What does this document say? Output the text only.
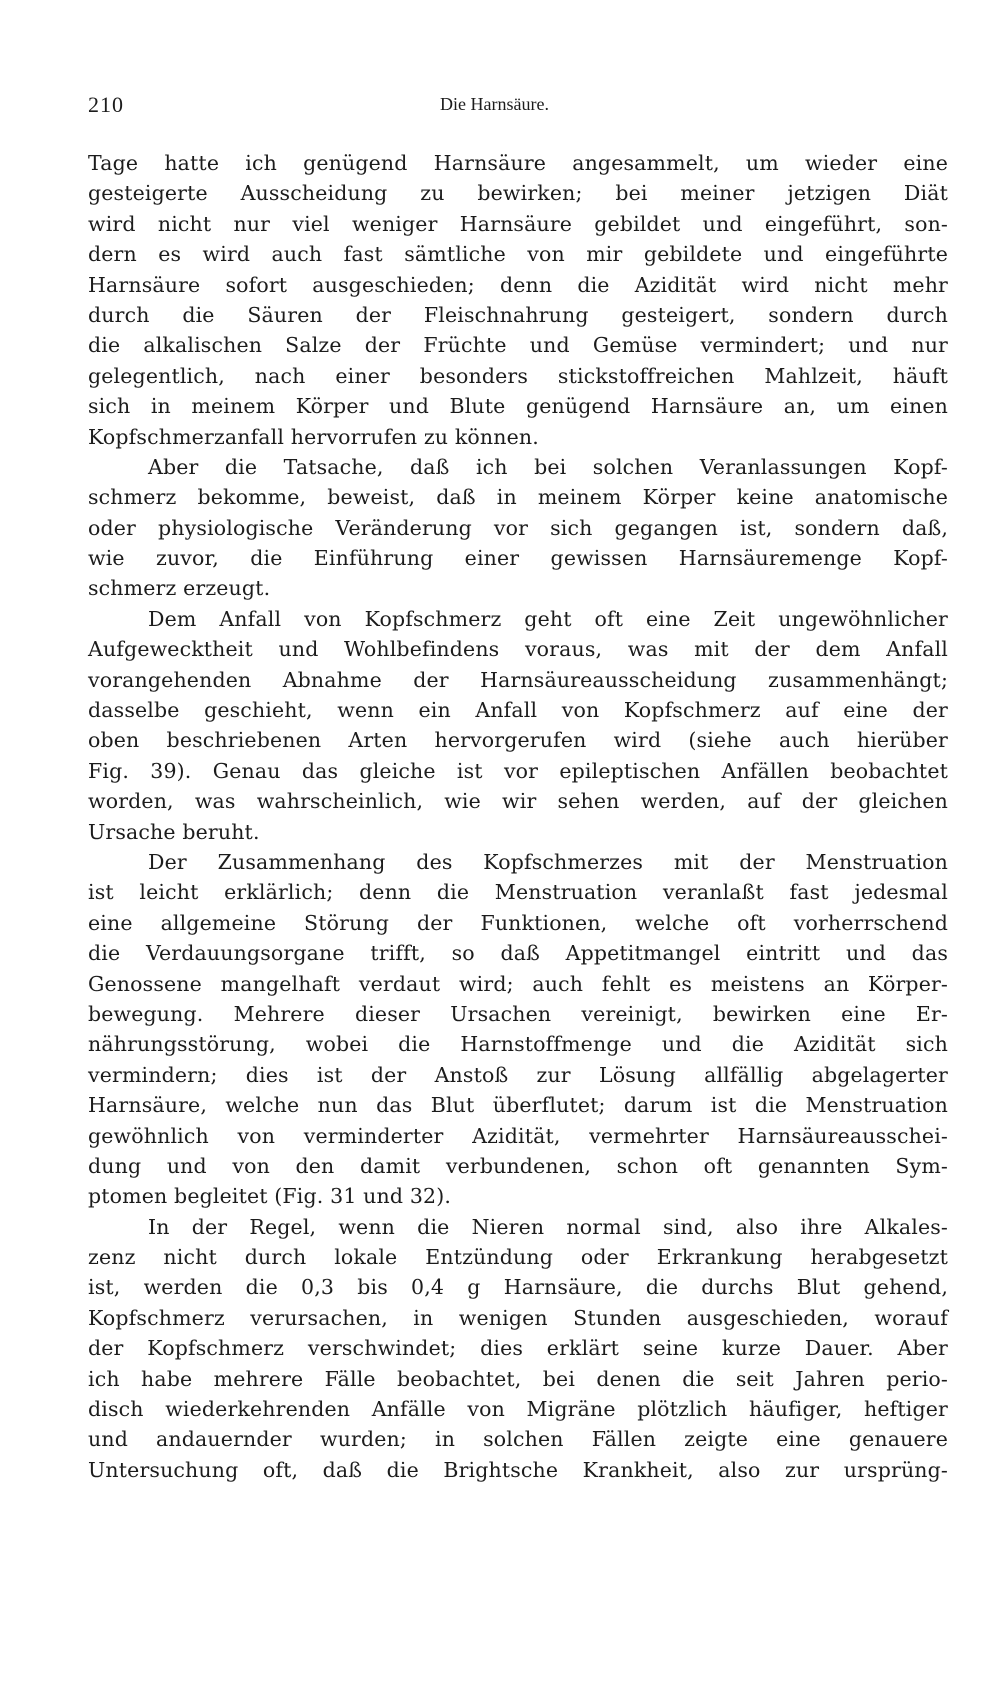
210	Die Harnsäure.
Tage hatte ich genügend Harnsäure angesammelt, um wieder eine
gesteigerte Ausscheidung zu bewirken; bei meiner jetzigen Diät
wird nicht nur viel weniger Harnsäure gebildet und eingeführt, son-
dern es wird auch fast sämtliche von mir gebildete und eingeführte
Harnsäure sofort ausgeschieden; denn die Azidität wird nicht mehr
durch die Säuren der Fleischnahrung gesteigert, sondern durch
die alkalischen Salze der Früchte und Gemüse vermindert; und nur
gelegentlich, nach einer besonders stickstoffreichen Mahlzeit, häuft
sich in meinem Körper und Blute genügend Harnsäure an, um einen
Kopfschmerzanfall hervorrufen zu können.
Aber die Tatsache, daß ich bei solchen Veranlassungen Kopf-
schmerz bekomme, beweist, daß in meinem Körper keine anatomische
oder physiologische Veränderung vor sich gegangen ist, sondern daß,
wie zuvor, die Einführung einer gewissen Harnsäuremenge Kopf-
schmerz erzeugt.
Dem Anfall von Kopfschmerz geht oft eine Zeit ungewöhnlicher
Aufgewecktheit und Wohlbefindens voraus, was mit der dem Anfall
vorangehenden Abnahme der Harnsäureausscheidung zusammenhängt;
dasselbe geschieht, wenn ein Anfall von Kopfschmerz auf eine der
oben beschriebenen Arten hervorgerufen wird (siehe auch hierüber
Fig. 39). Genau das gleiche ist vor epileptischen Anfällen beobachtet
worden, was wahrscheinlich, wie wir sehen werden, auf der gleichen
Ursache beruht.
Der Zusammenhang des Kopfschmerzes mit der Menstruation
ist leicht erklärlich; denn die Menstruation veranlaßt fast jedesmal
eine allgemeine Störung der Funktionen, welche oft vorherrschend
die Verdauungsorgane trifft, so daß Appetitmangel eintritt und das
Genossene mangelhaft verdaut wird; auch fehlt es meistens an Körper-
bewegung. Mehrere dieser Ursachen vereinigt, bewirken eine Er-
nährungsstörung, wobei die Harnstoffmenge und die Azidität sich
vermindern; dies ist der Anstoß zur Lösung allfällig abgelagerter
Harnsäure, welche nun das Blut überflutet; darum ist die Menstruation
gewöhnlich von verminderter Azidität, vermehrter Harnsäureausschei-
dung und von den damit verbundenen, schon oft genannten Sym-
ptomen begleitet (Fig. 31 und 32).
In der Regel, wenn die Nieren normal sind, also ihre Alkales-
zenz nicht durch lokale Entzündung oder Erkrankung herabgesetzt
ist, werden die 0,3 bis 0,4 g Harnsäure, die durchs Blut gehend,
Kopfschmerz verursachen, in wenigen Stunden ausgeschieden, worauf
der Kopfschmerz verschwindet; dies erklärt seine kurze Dauer. Aber
ich habe mehrere Fälle beobachtet, bei denen die seit Jahren perio-
disch wiederkehrenden Anfälle von Migräne plötzlich häufiger, heftiger
und andauernder wurden; in solchen Fällen zeigte eine genauere
Untersuchung oft, daß die Brightsche Krankheit, also zur ursprüng-
